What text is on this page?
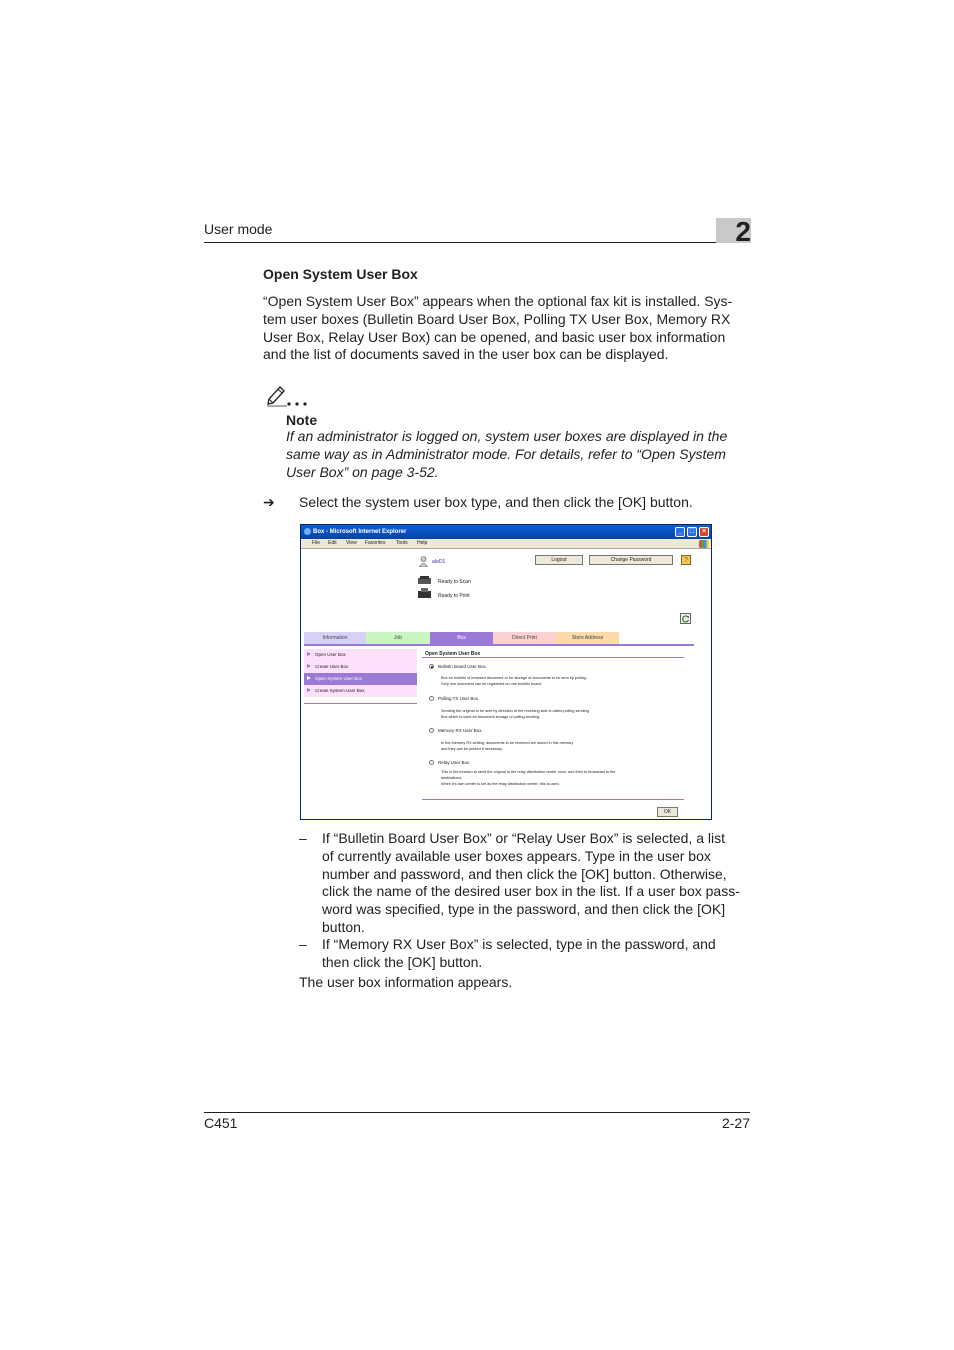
User mode	2
Open System User Box
“Open System User Box” appears when the optional fax kit is installed. Sys-
tem user boxes (Bulletin Board User Box, Polling TX User Box, Memory RX
User Box, Relay User Box) can be opened, and basic user box information
and the list of documents saved in the user box can be displayed.
Note
If an administrator is logged on, system user boxes are displayed in the
same way as in Administrator mode. For details, refer to “Open System
User Box” on page 3-52.
➔ Select the system user box type, and then click the [OK] button.
Box - Microsoft Internet Explorer	_	□	×
File Edit View Favorites Tools Help
aIeD1	Logout	Change Password	?
Ready to Scan
Ready to Print
Information	Job	Box	Direct Print	Store Address
Open User Box
Create User Box
Open System User Box
Create System User Box
Open System User Box
Bulletin Board User Box
Box for bulletin of browsed document or for storage of documents to be sent by polling.
Only one document can be registered on one bulletin board.
Polling TX User Box
Sending the original to be sent by direction of the receiving side is called polling sending.
Box which is used for document storage of polling sending.
Memory RX User Box
In the Memory RX setting, documents to be received are stored in this memory
and they can be printed if necessary.
Relay User Box
This is the function to send the original to the relay distribution center once, and then to broadcast to the
destinations.
When it's own center is set as the relay distribution center, this is used.
OK
– If “Bulletin Board User Box” or “Relay User Box” is selected, a list
of currently available user boxes appears. Type in the user box
number and password, and then click the [OK] button. Otherwise,
click the name of the desired user box in the list. If a user box pass-
word was specified, type in the password, and then click the [OK]
button.
– If “Memory RX User Box” is selected, type in the password, and
then click the [OK] button.
The user box information appears.
C451	2-27
